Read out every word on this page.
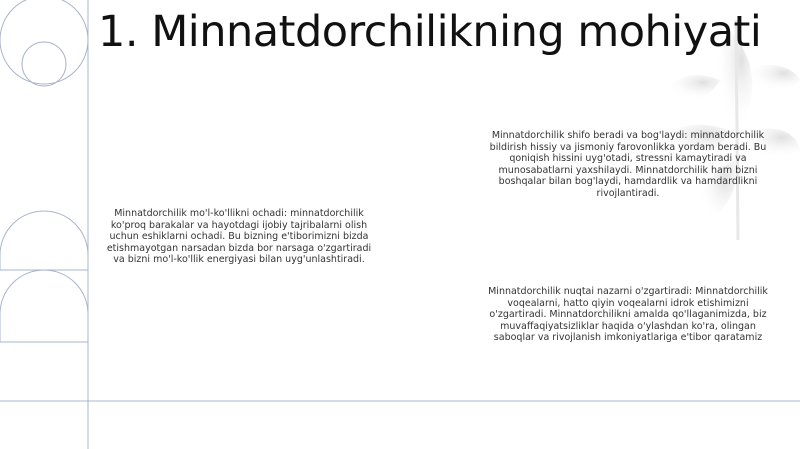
1. Minnatdorchilikning mohiyati

Minnatdorchilik mo'l-ko'llikni ochadi: minnatdorchilik ko'proq barakalar va hayotdagi ijobiy tajribalarni olish uchun eshiklarni ochadi. Bu bizning e'tiborimizni bizda etishmayotgan narsadan bizda bor narsaga o'zgartiradi va bizni mo'l-ko'llik energiyasi bilan uyg'unlashtiradi.

Minnatdorchilik shifo beradi va bog'laydi: minnatdorchilik bildirish hissiy va jismoniy farovonlikka yordam beradi. Bu qoniqish hissini uyg'otadi, stressni kamaytiradi va munosabatlarni yaxshilaydi. Minnatdorchilik ham bizni boshqalar bilan bog'laydi, hamdardlik va hamdardlikni rivojlantiradi.

Minnatdorchilik nuqtai nazarni o'zgartiradi: Minnatdorchilik voqealarni, hatto qiyin voqealarni idrok etishimizni o'zgartiradi. Minnatdorchilikni amalda qo'llaganimizda, biz muvaffaqiyatsizliklar haqida o'ylashdan ko'ra, olingan saboqlar va rivojlanish imkoniyatlariga e'tibor qaratamiz
